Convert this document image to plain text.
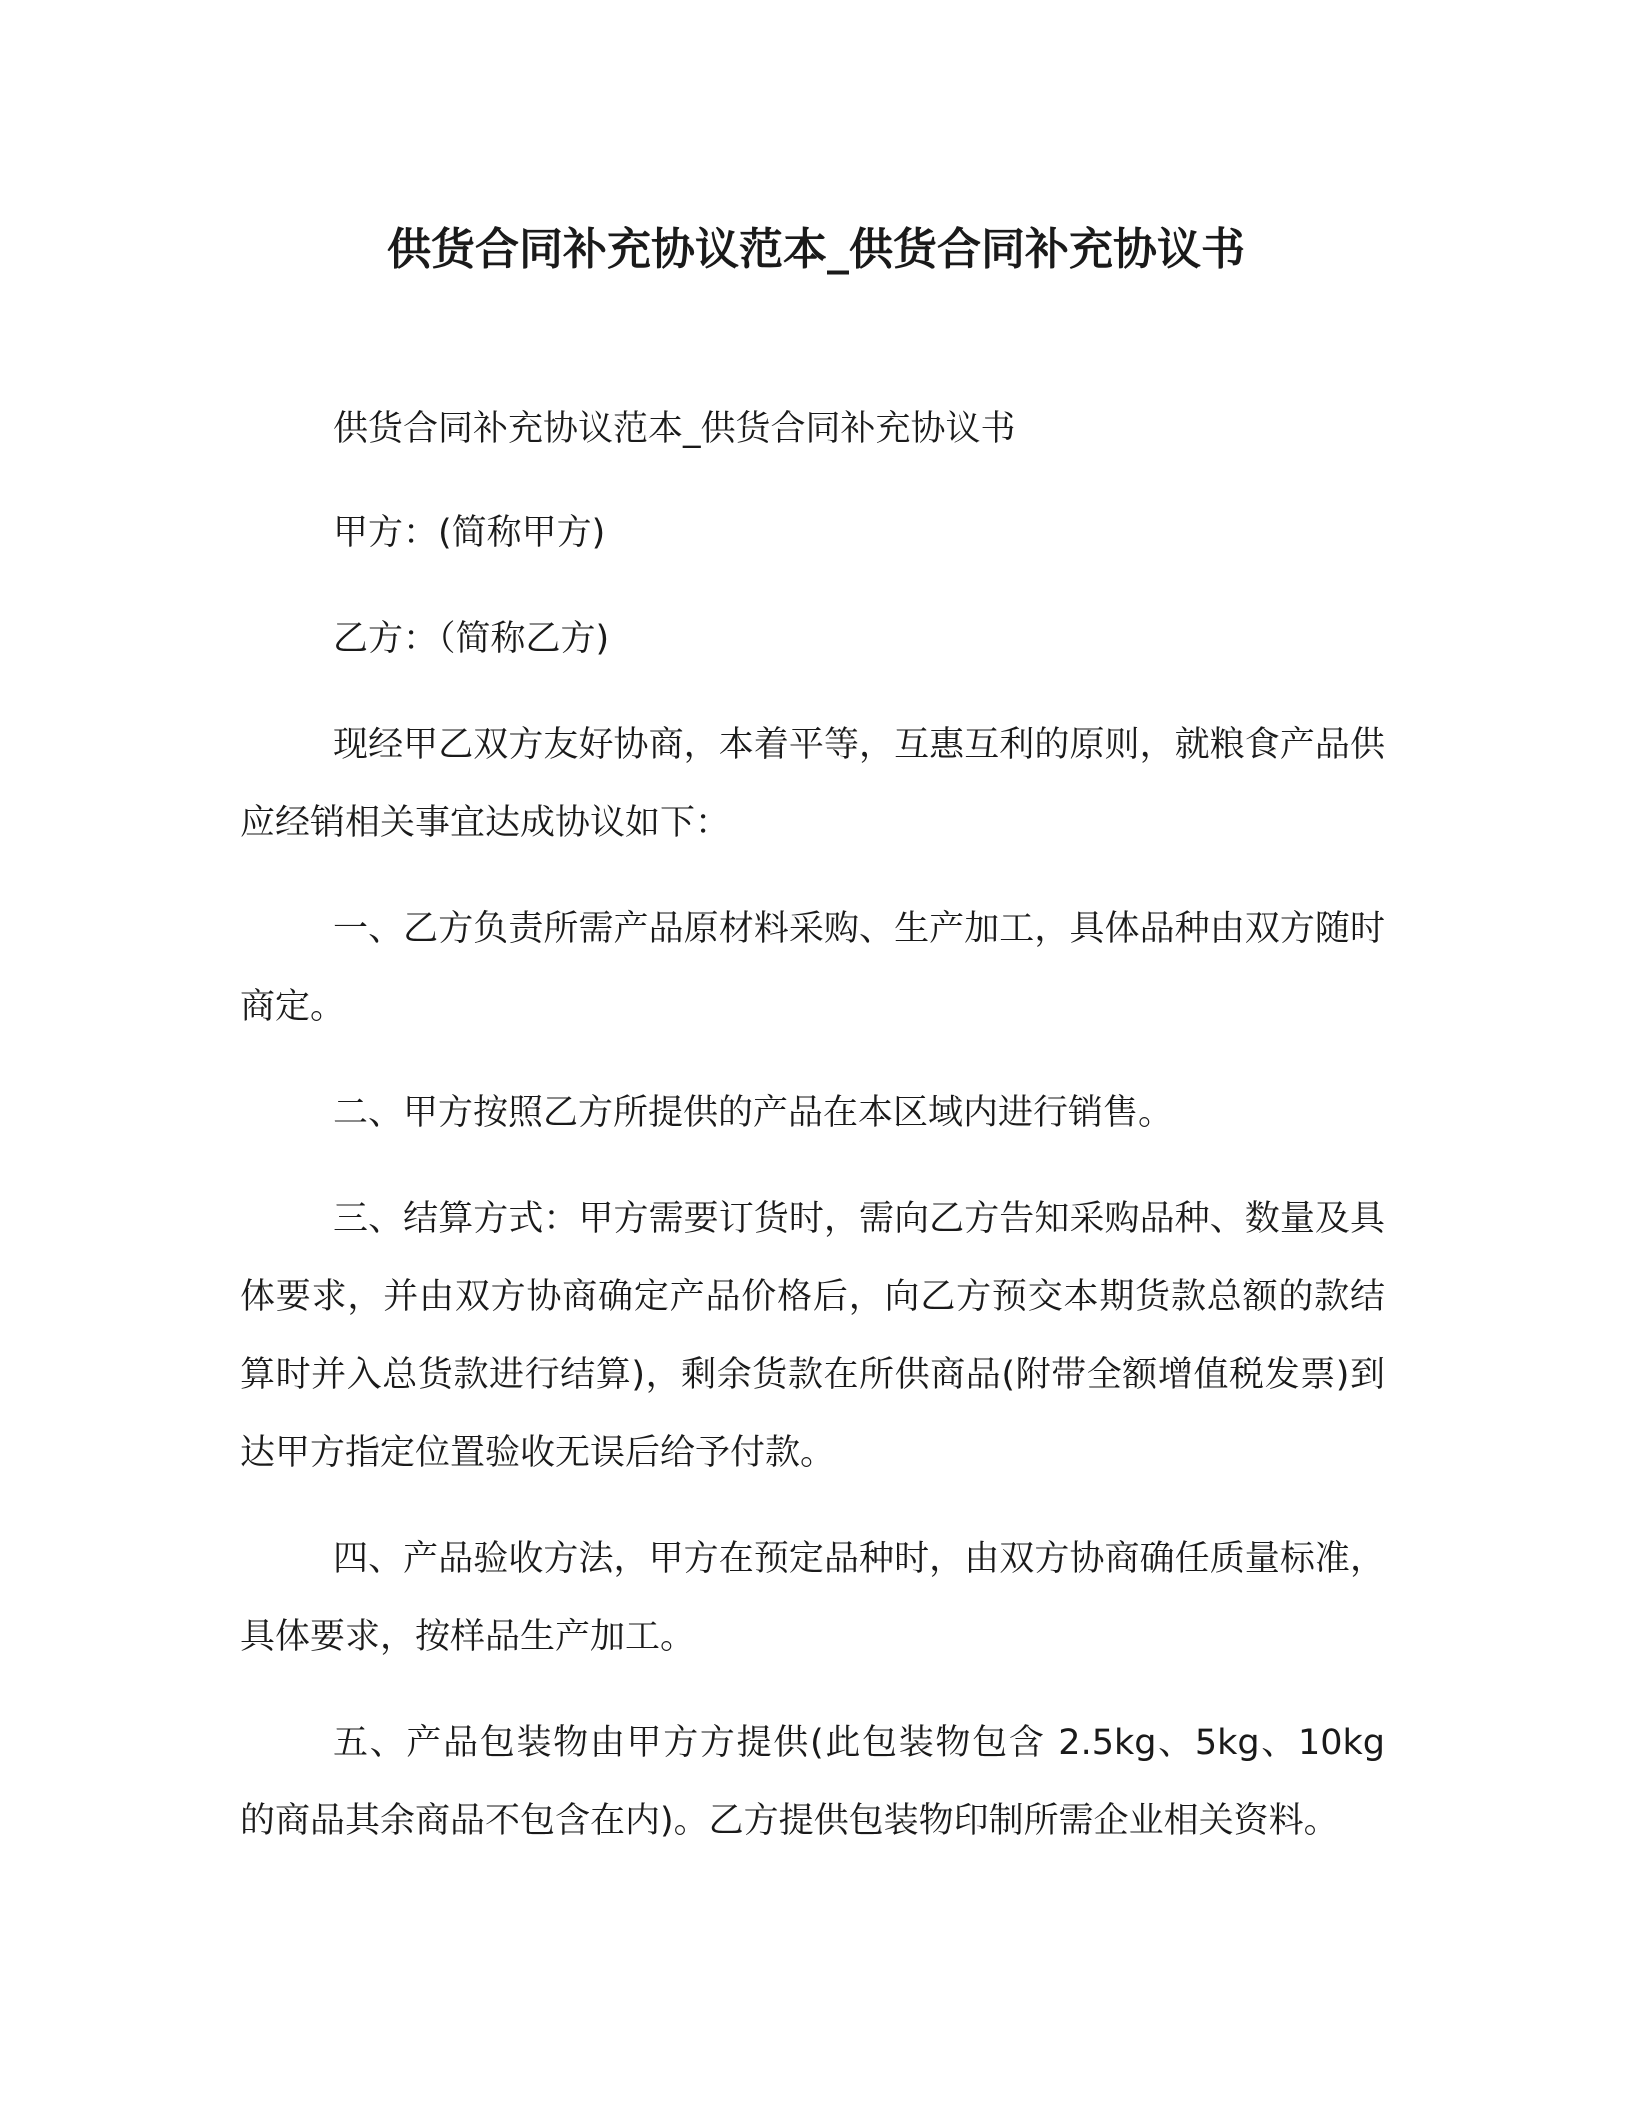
供货合同补充协议范本_供货合同补充协议书

供货合同补充协议范本_供货合同补充协议书

甲方：(简称甲方)

乙方：（简称乙方)

现经甲乙双方友好协商，本着平等，互惠互利的原则，就粮食产品供应经销相关事宜达成协议如下：

一、乙方负责所需产品原材料采购、生产加工，具体品种由双方随时商定。

二、甲方按照乙方所提供的产品在本区域内进行销售。

三、结算方式：甲方需要订货时，需向乙方告知采购品种、数量及具体要求，并由双方协商确定产品价格后，向乙方预交本期货款总额的款结算时并入总货款进行结算)，剩余货款在所供商品(附带全额增值税发票)到达甲方指定位置验收无误后给予付款。

四、产品验收方法，甲方在预定品种时，由双方协商确任质量标准，具体要求，按样品生产加工。

五、产品包装物由甲方方提供(此包装物包含 2.5kg、5kg、10kg 的商品其余商品不包含在内)。乙方提供包装物印制所需企业相关资料。
